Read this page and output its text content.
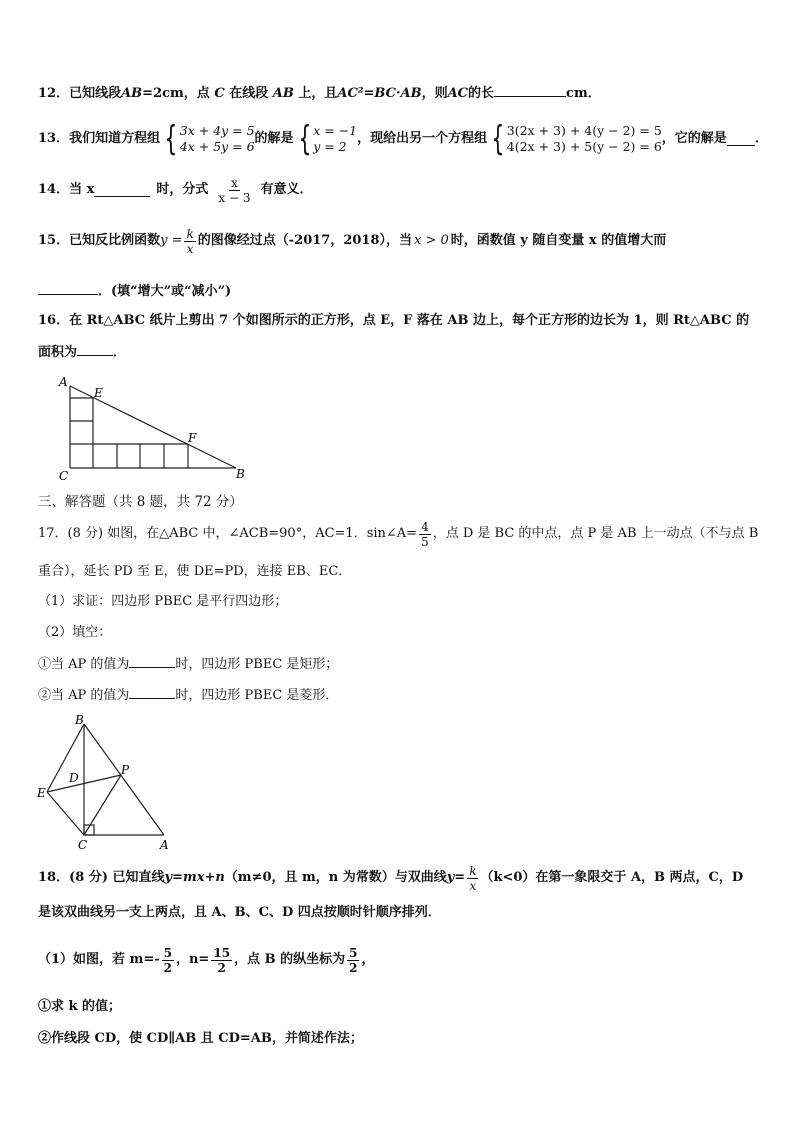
12．已知线段AB=2cm，点 C 在线段 AB 上，且AC²=BC·AB，则AC的长	cm．
13．我们知道方程组 { 3x + 4y = 5
4x + 5y = 6
的解是 { x = −1
y = 2
，现给出另一个方程组 { 3(2x + 3) + 4(y − 2) = 5
4(2x + 3) + 5(y − 2) = 6
，它的解是 ．
14．当 x	时，分式 $\frac{x}{x - 3}$ 有意义．
15．已知反比例函数 $y = \frac{k}{x}$ 的图像经过点（-2017，2018），当 x > 0 时，函数值 y 随自变量 x 的值增大而
．(填“增大”或“减小”)
16．在 Rt△ABC 纸片上剪出 7 个如图所示的正方形，点 E，F 落在 AB 边上，每个正方形的边长为 1，则 Rt△ABC 的
面积为	．
A
E
F
C	B
三、解答题（共 8 题，共 72 分）
17．(8 分) 如图，在△ABC 中，∠ACB=90°，AC=1．sin∠A= $\frac{4}{5}$ ，点 D 是 BC 的中点，点 P 是 AB 上一动点（不与点 B
重合），延长 PD 至 E，使 DE=PD，连接 EB、EC．
（1）求证：四边形 PBEC 是平行四边形；
（2）填空：
①当 AP 的值为	时，四边形 PBEC 是矩形；
②当 AP 的值为	时，四边形 PBEC 是菱形．
B
D
P
E
C	A
18．(8 分) 已知直线 y=mx+n （m≠0，且 m，n 为常数）与双曲线 $y= \frac{k}{x} (k<0)$在第一象限交于 A，B 两点，C，D
是该双曲线另一支上两点，且 A、B、C、D 四点按顺时针顺序排列．
（1）如图，若 $m=- \frac{5}{2}$ ，$n= \frac{15}{2}$ ，点 B 的纵坐标为 $\frac{5}{2}$ ，
①求 k 的值；
②作线段 CD，使 CD∥AB 且 CD=AB，并简述作法；
